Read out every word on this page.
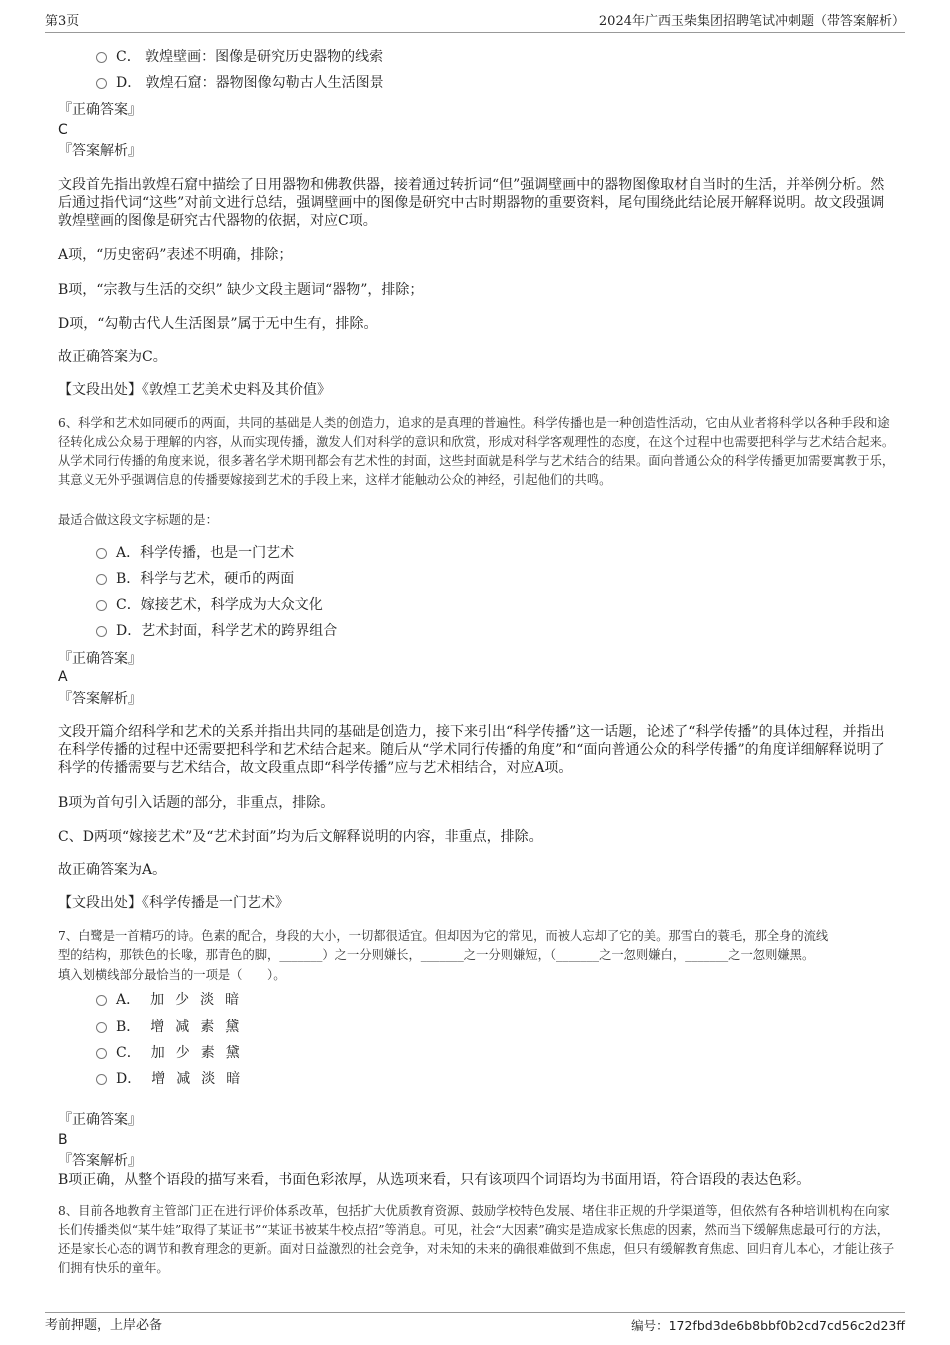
第3页	2024年广西玉柴集团招聘笔试冲刺题（带答案解析）
C． 敦煌壁画：图像是研究历史器物的线索
D． 敦煌石窟：器物图像勾勒古人生活图景
『正确答案』
C
『答案解析』
文段首先指出敦煌石窟中描绘了日用器物和佛教供器，接着通过转折词“但”强调壁画中的器物图像取材自当时的生活，并举例分析。然后通过指代词“这些”对前文进行总结，强调壁画中的图像是研究中古时期器物的重要资料，尾句围绕此结论展开解释说明。故文段强调敦煌壁画的图像是研究古代器物的依据，对应C项。
A项，“历史密码”表述不明确，排除；
B项，“宗教与生活的交织” 缺少文段主题词“器物”，排除；
D项，“勾勒古代人生活图景”属于无中生有，排除。
故正确答案为C。
【文段出处】《敦煌工艺美术史料及其价值》
6、科学和艺术如同硬币的两面，共同的基础是人类的创造力，追求的是真理的普遍性。科学传播也是一种创造性活动，它由从业者将科学以各种手段和途径转化成公众易于理解的内容，从而实现传播，激发人们对科学的意识和欣赏，形成对科学客观理性的态度，在这个过程中也需要把科学与艺术结合起来。从学术同行传播的角度来说，很多著名学术期刊都会有艺术性的封面，这些封面就是科学与艺术结合的结果。面向普通公众的科学传播更加需要寓教于乐，其意义无外乎强调信息的传播要嫁接到艺术的手段上来，这样才能触动公众的神经，引起他们的共鸣。
最适合做这段文字标题的是：
A．科学传播，也是一门艺术
B．科学与艺术，硬币的两面
C．嫁接艺术，科学成为大众文化
D．艺术封面，科学艺术的跨界组合
『正确答案』
A
『答案解析』
文段开篇介绍科学和艺术的关系并指出共同的基础是创造力，接下来引出“科学传播”这一话题，论述了“科学传播”的具体过程，并指出在科学传播的过程中还需要把科学和艺术结合起来。随后从“学术同行传播的角度”和“面向普通公众的科学传播”的角度详细解释说明了科学的传播需要与艺术结合，故文段重点即“科学传播”应与艺术相结合，对应A项。
B项为首句引入话题的部分，非重点，排除。
C、D两项“嫁接艺术”及“艺术封面”均为后文解释说明的内容，非重点，排除。
故正确答案为A。
【文段出处】《科学传播是一门艺术》
7、白鹭是一首精巧的诗。色素的配合，身段的大小，一切都很适宜。但却因为它的常见，而被人忘却了它的美。那雪白的蓑毛，那全身的流线
型的结构，那铁色的长喙，那青色的脚，_______）之一分则嫌长，_______之一分则嫌短，（_______之一忽则嫌白，_______之一忽则嫌黑。
填入划横线部分最恰当的一项是（　　）。
A． 加少淡暗
B． 增减素黛
C． 加少素黛
D． 增减淡暗
『正确答案』
B
『答案解析』
B项正确，从整个语段的描写来看，书面色彩浓厚，从选项来看，只有该项四个词语均为书面用语，符合语段的表达色彩。
8、目前各地教育主管部门正在进行评价体系改革，包括扩大优质教育资源、鼓励学校特色发展、堵住非正规的升学渠道等，但依然有各种培训机构在向家长们传播类似“某牛娃”取得了某证书”“某证书被某牛校点招”等消息。可见，社会“大因素”确实是造成家长焦虑的因素，然而当下缓解焦虑最可行的方法，还是家长心态的调节和教育理念的更新。面对日益激烈的社会竞争，对未知的未来的确很难做到不焦虑，但只有缓解教育焦虑、回归育儿本心，才能让孩子们拥有快乐的童年。
考前押题，上岸必备	编号：172fbd3de6b8bbf0b2cd7cd56c2d23ff
